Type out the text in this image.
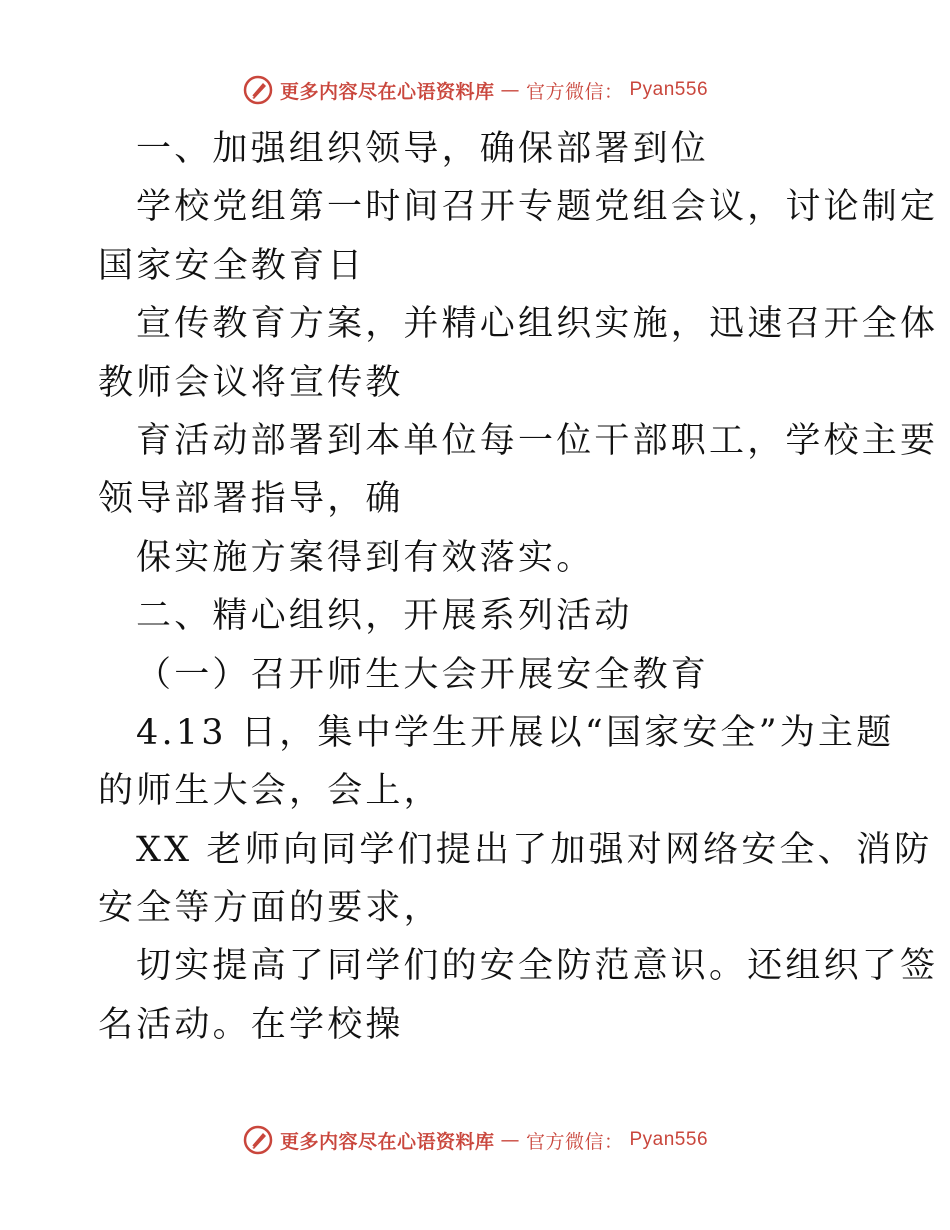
更多内容尽在心语资料库 — 官方微信： Pyan556
一、加强组织领导，确保部署到位
学校党组第一时间召开专题党组会议，讨论制定
国家安全教育日
宣传教育方案，并精心组织实施，迅速召开全体
教师会议将宣传教
育活动部署到本单位每一位干部职工，学校主要
领导部署指导，确
保实施方案得到有效落实。
二、精心组织，开展系列活动
（一）召开师生大会开展安全教育
4.13 日，集中学生开展以“国家安全”为主题
的师生大会，会上，
XX 老师向同学们提出了加强对网络安全、消防
安全等方面的要求，
切实提高了同学们的安全防范意识。还组织了签
名活动。在学校操
更多内容尽在心语资料库 — 官方微信： Pyan556
